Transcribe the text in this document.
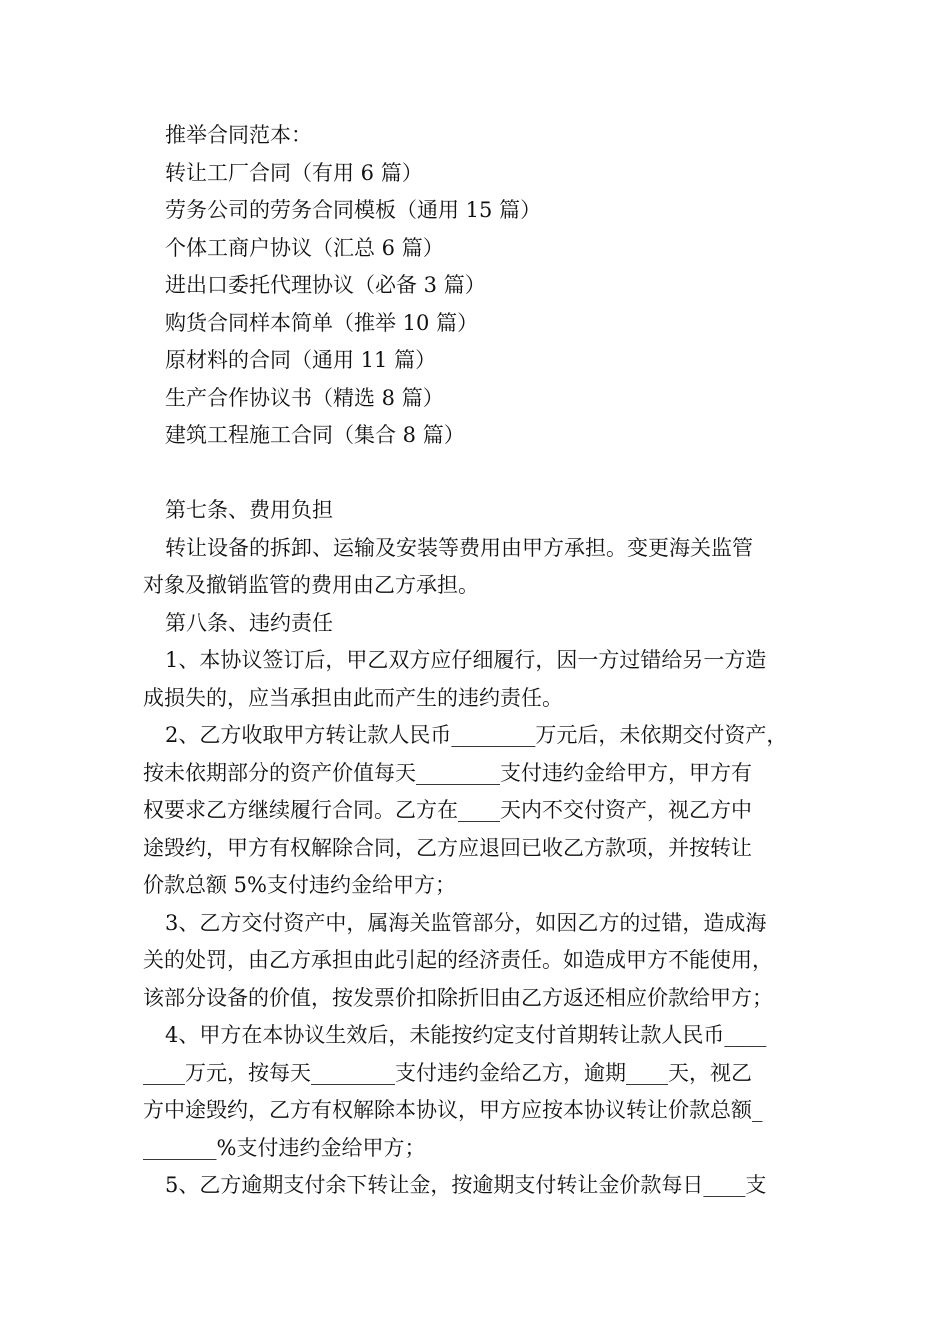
推举合同范本：
转让工厂合同（有用 6 篇）
劳务公司的劳务合同模板（通用 15 篇）
个体工商户协议（汇总 6 篇）
进出口委托代理协议（必备 3 篇）
购货合同样本简单（推举 10 篇）
原材料的合同（通用 11 篇）
生产合作协议书（精选 8 篇）
建筑工程施工合同（集合 8 篇）
第七条、费用负担
转让设备的拆卸、运输及安装等费用由甲方承担。变更海关监管
对象及撤销监管的费用由乙方承担。
第八条、违约责任
1、本协议签订后，甲乙双方应仔细履行，因一方过错给另一方造
成损失的，应当承担由此而产生的违约责任。
2、乙方收取甲方转让款人民币________万元后，未依期交付资产，
按未依期部分的资产价值每天________支付违约金给甲方，甲方有
权要求乙方继续履行合同。乙方在____天内不交付资产，视乙方中
途毁约，甲方有权解除合同，乙方应退回已收乙方款项，并按转让
价款总额 5%支付违约金给甲方；
3、乙方交付资产中，属海关监管部分，如因乙方的过错，造成海
关的处罚，由乙方承担由此引起的经济责任。如造成甲方不能使用，
该部分设备的价值，按发票价扣除折旧由乙方返还相应价款给甲方；
4、甲方在本协议生效后，未能按约定支付首期转让款人民币____
____万元，按每天________支付违约金给乙方，逾期____天，视乙
方中途毁约，乙方有权解除本协议，甲方应按本协议转让价款总额_
_______%支付违约金给甲方；
5、乙方逾期支付余下转让金，按逾期支付转让金价款每日____支
